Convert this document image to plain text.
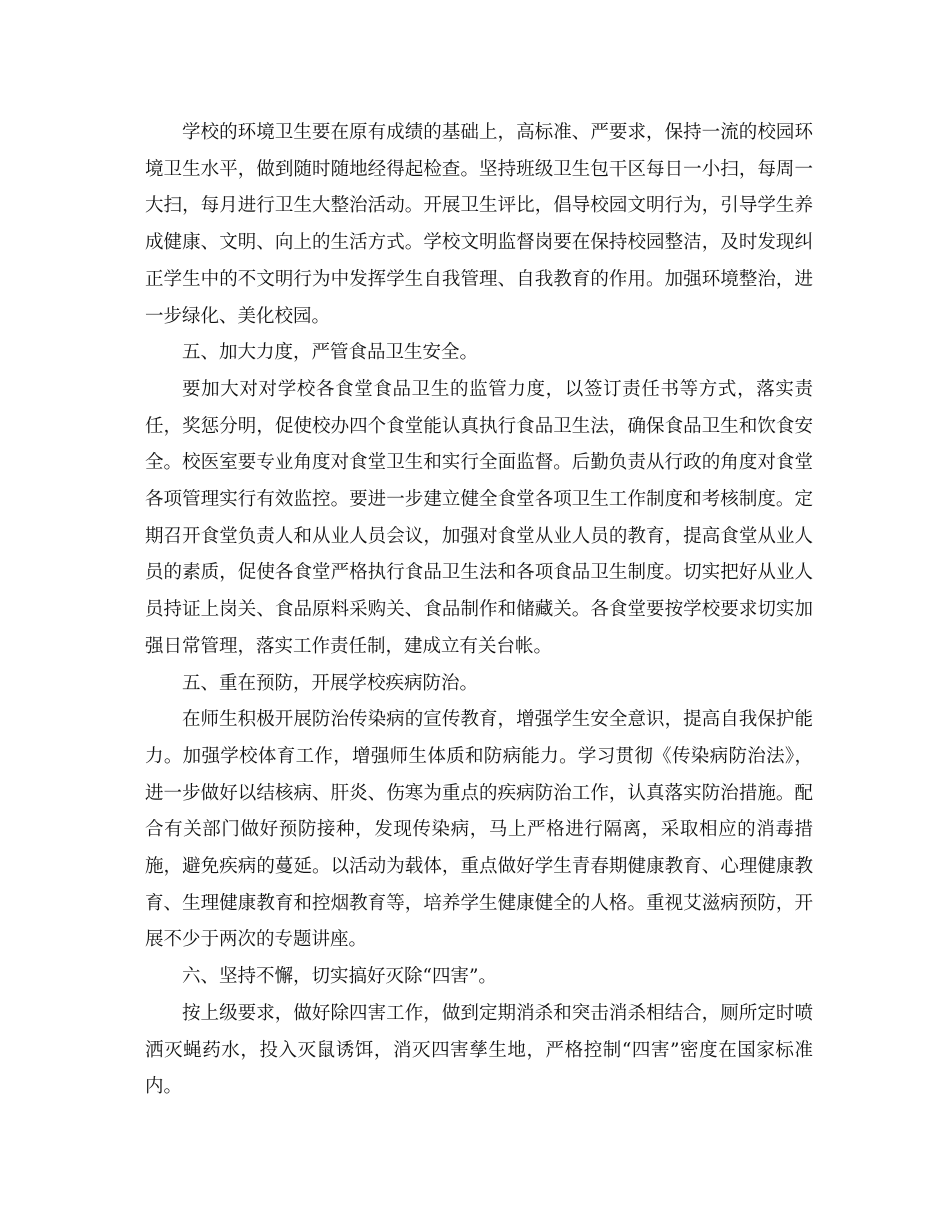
学校的环境卫生要在原有成绩的基础上，高标准、严要求，保持一流的校园环境卫生水平，做到随时随地经得起检查。坚持班级卫生包干区每日一小扫，每周一大扫，每月进行卫生大整治活动。开展卫生评比，倡导校园文明行为，引导学生养成健康、文明、向上的生活方式。学校文明监督岗要在保持校园整洁，及时发现纠正学生中的不文明行为中发挥学生自我管理、自我教育的作用。加强环境整治，进一步绿化、美化校园。

五、加大力度，严管食品卫生安全。

要加大对对学校各食堂食品卫生的监管力度，以签订责任书等方式，落实责任，奖惩分明，促使校办四个食堂能认真执行食品卫生法，确保食品卫生和饮食安全。校医室要专业角度对食堂卫生和实行全面监督。后勤负责从行政的角度对食堂各项管理实行有效监控。要进一步建立健全食堂各项卫生工作制度和考核制度。定期召开食堂负责人和从业人员会议，加强对食堂从业人员的教育，提高食堂从业人员的素质，促使各食堂严格执行食品卫生法和各项食品卫生制度。切实把好从业人员持证上岗关、食品原料采购关、食品制作和储藏关。各食堂要按学校要求切实加强日常管理，落实工作责任制，建成立有关台帐。

五、重在预防，开展学校疾病防治。

在师生积极开展防治传染病的宣传教育，增强学生安全意识，提高自我保护能力。加强学校体育工作，增强师生体质和防病能力。学习贯彻《传染病防治法》，进一步做好以结核病、肝炎、伤寒为重点的疾病防治工作，认真落实防治措施。配合有关部门做好预防接种，发现传染病，马上严格进行隔离，采取相应的消毒措施，避免疾病的蔓延。以活动为载体，重点做好学生青春期健康教育、心理健康教育、生理健康教育和控烟教育等，培养学生健康健全的人格。重视艾滋病预防，开展不少于两次的专题讲座。

六、坚持不懈，切实搞好灭除“四害”。

按上级要求，做好除四害工作，做到定期消杀和突击消杀相结合，厕所定时喷洒灭蝇药水，投入灭鼠诱饵，消灭四害孳生地，严格控制“四害”密度在国家标准内。
